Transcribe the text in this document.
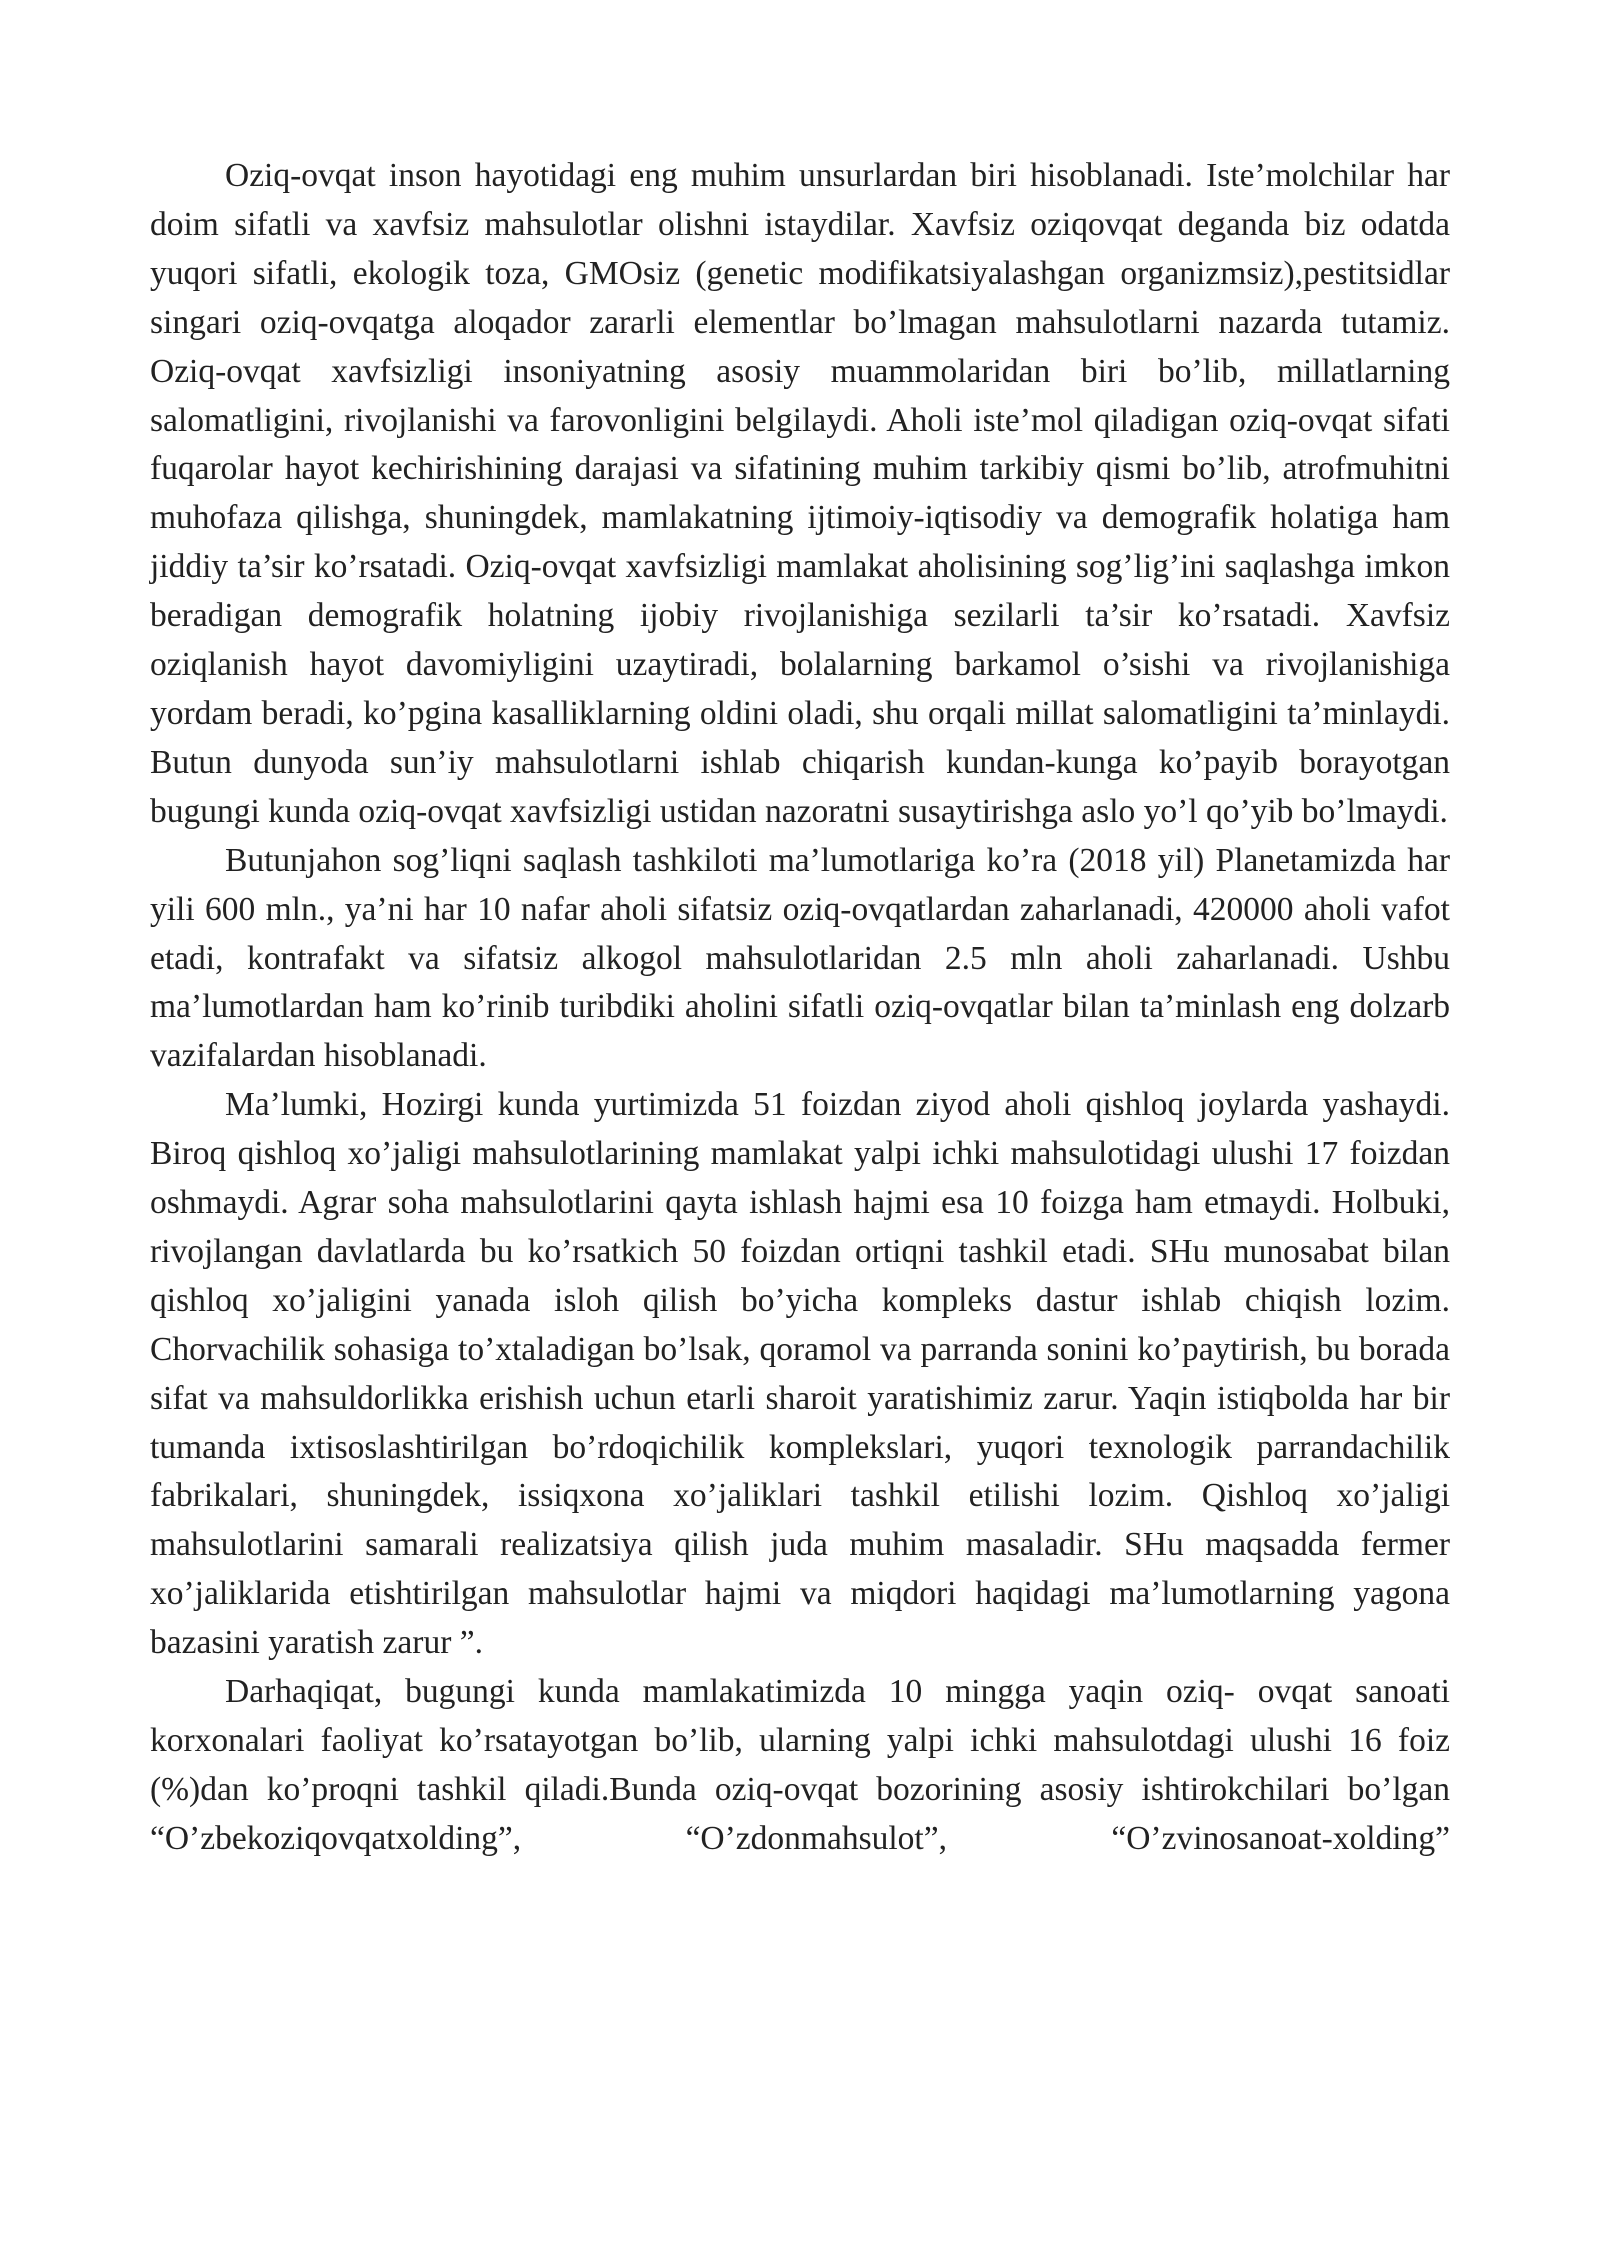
Oziq-ovqat inson hayotidagi eng muhim unsurlardan biri hisoblanadi. Iste’molchilar har doim sifatli va xavfsiz mahsulotlar olishni istaydilar. Xavfsiz oziqovqat deganda biz odatda yuqori sifatli, ekologik toza, GMOsiz (genetic modifikatsiyalashgan organizmsiz),pestitsidlar singari oziq-ovqatga aloqador zararli elementlar bo’lmagan mahsulotlarni nazarda tutamiz. Oziq-ovqat xavfsizligi insoniyatning asosiy muammolaridan biri bo’lib, millatlarning salomatligini, rivojlanishi va farovonligini belgilaydi. Aholi iste’mol qiladigan oziq-ovqat sifati fuqarolar hayot kechirishining darajasi va sifatining muhim tarkibiy qismi bo’lib, atrofmuhitni muhofaza qilishga, shuningdek, mamlakatning ijtimoiy-iqtisodiy va demografik holatiga ham jiddiy ta’sir ko’rsatadi. Oziq-ovqat xavfsizligi mamlakat aholisining sog’lig’ini saqlashga imkon beradigan demografik holatning ijobiy rivojlanishiga sezilarli ta’sir ko’rsatadi. Xavfsiz oziqlanish hayot davomiyligini uzaytiradi, bolalarning barkamol o’sishi va rivojlanishiga yordam beradi, ko’pgina kasalliklarning oldini oladi, shu orqali millat salomatligini ta’minlaydi. Butun dunyoda sun’iy mahsulotlarni ishlab chiqarish kundan-kunga ko’payib borayotgan bugungi kunda oziq-ovqat xavfsizligi ustidan nazoratni susaytirishga aslo yo’l qo’yib bo’lmaydi.

Butunjahon sog’liqni saqlash tashkiloti ma’lumotlariga ko’ra (2018 yil) Planetamizda har yili 600 mln., ya’ni har 10 nafar aholi sifatsiz oziq-ovqatlardan zaharlanadi, 420000 aholi vafot etadi, kontrafakt va sifatsiz alkogol mahsulotlaridan 2.5 mln aholi zaharlanadi. Ushbu ma’lumotlardan ham ko’rinib turibdiki aholini sifatli oziq-ovqatlar bilan ta’minlash eng dolzarb vazifalardan hisoblanadi.

Ma’lumki, Hozirgi kunda yurtimizda 51 foizdan ziyod aholi qishloq joylarda yashaydi. Biroq qishloq xo’jaligi mahsulotlarining mamlakat yalpi ichki mahsulotidagi ulushi 17 foizdan oshmaydi. Agrar soha mahsulotlarini qayta ishlash hajmi esa 10 foizga ham etmaydi. Holbuki, rivojlangan davlatlarda bu ko’rsatkich 50 foizdan ortiqni tashkil etadi. SHu munosabat bilan qishloq xo’jaligini yanada isloh qilish bo’yicha kompleks dastur ishlab chiqish lozim. Chorvachilik sohasiga to’xtaladigan bo’lsak, qoramol va parranda sonini ko’paytirish, bu borada sifat va mahsuldorlikka erishish uchun etarli sharoit yaratishimiz zarur. Yaqin istiqbolda har bir tumanda ixtisoslashtirilgan bo’rdoqichilik komplekslari, yuqori texnologik parrandachilik fabrikalari, shuningdek, issiqxona xo’jaliklari tashkil etilishi lozim. Qishloq xo’jaligi mahsulotlarini samarali realizatsiya qilish juda muhim masaladir. SHu maqsadda fermer xo’jaliklarida etishtirilgan mahsulotlar hajmi va miqdori haqidagi ma’lumotlarning yagona bazasini yaratish zarur ”.

Darhaqiqat, bugungi kunda mamlakatimizda 10 mingga yaqin oziq- ovqat sanoati korxonalari faoliyat ko’rsatayotgan bo’lib, ularning yalpi ichki mahsulotdagi ulushi 16 foiz (%)dan ko’proqni tashkil qiladi.Bunda oziq-ovqat bozorining asosiy ishtirokchilari bo’lgan “O’zbekoziqovqatxolding”, “O’zdonmahsulot”, “O’zvinosanoat-xolding”
